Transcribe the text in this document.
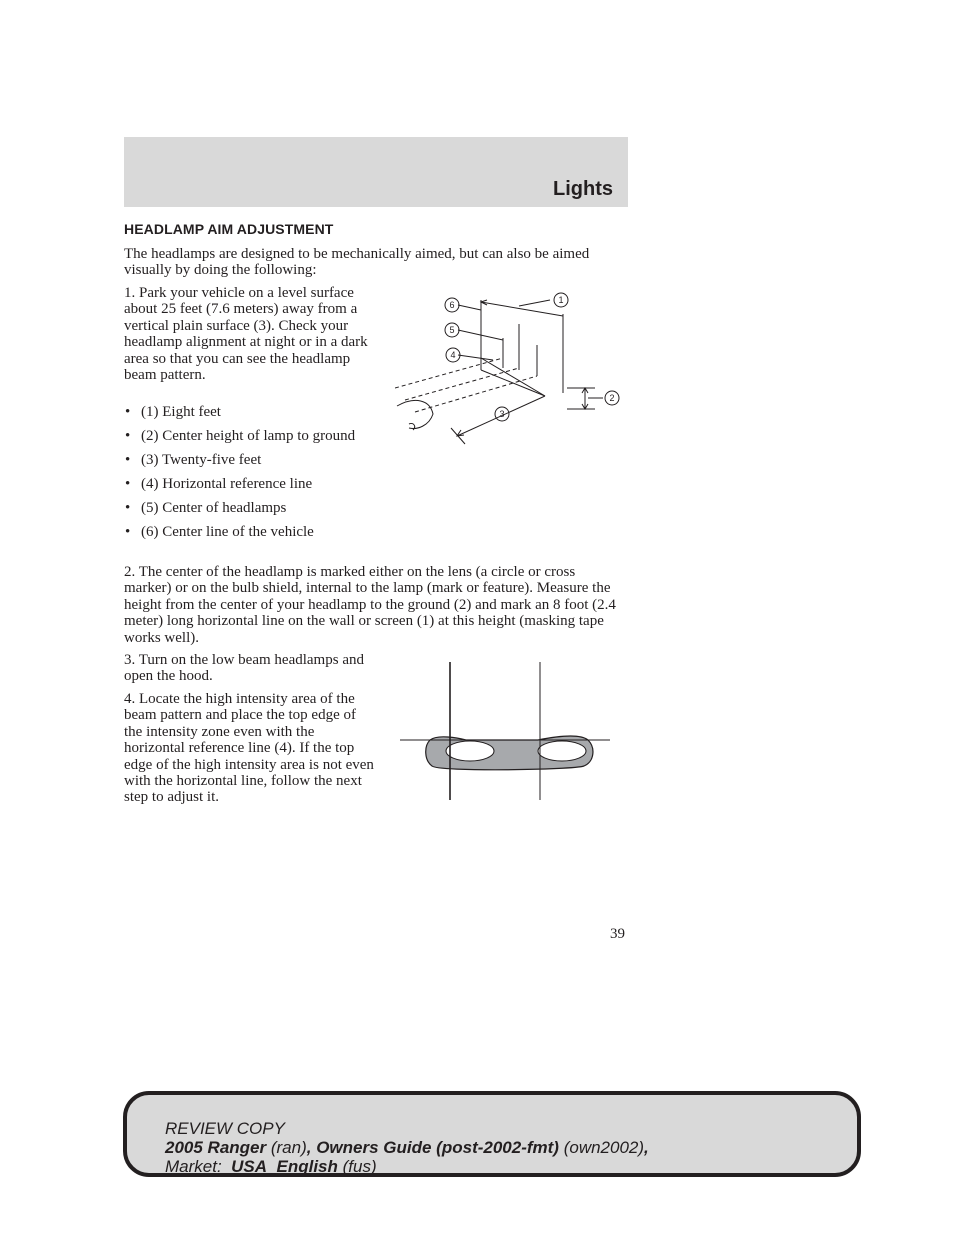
Lights
HEADLAMP AIM ADJUSTMENT

The headlamps are designed to be mechanically aimed, but can also be aimed visually by doing the following:

1. Park your vehicle on a level surface about 25 feet (7.6 meters) away from a vertical plain surface (3). Check your headlamp alignment at night or in a dark area so that you can see the headlamp beam pattern.

• (1) Eight feet
• (2) Center height of lamp to ground
• (3) Twenty-five feet
• (4) Horizontal reference line
• (5) Center of headlamps
• (6) Center line of the vehicle
1
2
3
4
5
6

2. The center of the headlamp is marked either on the lens (a circle or cross marker) or on the bulb shield, internal to the lamp (mark or feature). Measure the height from the center of your headlamp to the ground (2) and mark an 8 foot (2.4 meter) long horizontal line on the wall or screen (1) at this height (masking tape works well).

3. Turn on the low beam headlamps and open the hood.

4. Locate the high intensity area of the beam pattern and place the top edge of the intensity zone even with the horizontal reference line (4). If the top edge of the high intensity area is not even with the horizontal line, follow the next step to adjust it.

39
REVIEW COPY
2005 Ranger (ran), Owners Guide (post-2002-fmt) (own2002),
Market: USA_English (fus)
